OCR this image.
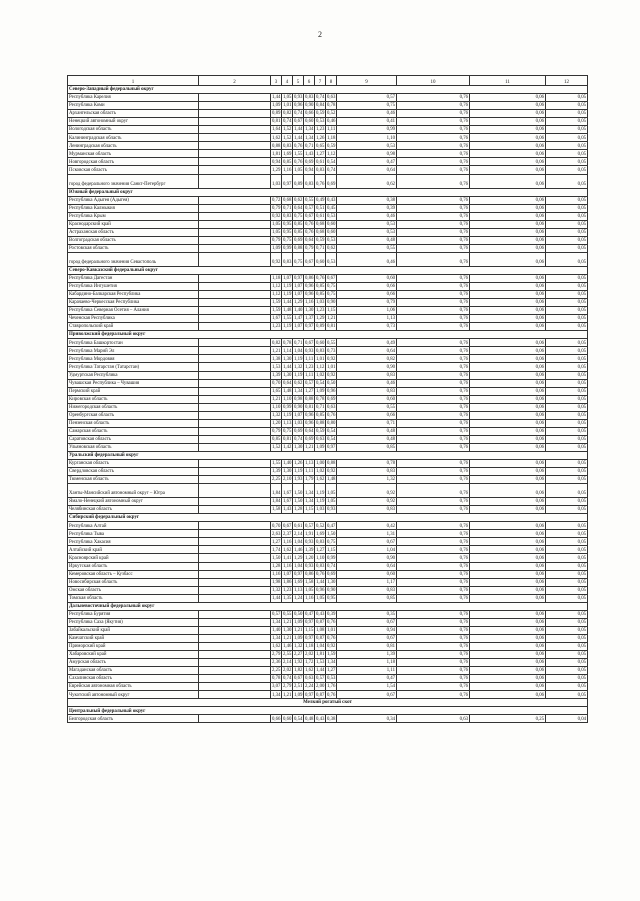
2
1	2	3	4	5	6	7	8	9	10	11	12	
Северо-Западный федеральный округ												
Республика Карелия		1,44	1,05	0,93	0,83	0,74	0,63	0,57	0,76	0,06	0,05	
Республика Коми		1,09	1,01	0,96	0,90	0,84	0,78	0,75	0,76	0,06	0,05	
Архангельская область		0,89	0,82	0,74	0,66	0,59	0,52	0,46	0,76	0,06	0,05	
Ненецкий автономный округ		0,81	0,74	0,67	0,60	0,53	0,46	0,41	0,76	0,06	0,05	
Вологодская область		1,64	1,52	1,44	1,34	1,23	1,11	0,99	0,76	0,06	0,05	
Калининградская область		1,62	1,52	1,44	1,34	1,26	1,18	1,10	0,76	0,06	0,05	
Ленинградская область		0,88	0,83	0,76	0,71	0,65	0,59	0,53	0,76	0,06	0,05	
Мурманская область		1,81	1,69	1,55	1,43	1,27	1,12	0,98	0,76	0,06	0,05	
Новгородская область		0,94	0,85	0,76	0,69	0,61	0,54	0,47	0,76	0,06	0,05	
Псковская область		1,29	1,16	1,05	0,94	0,83	0,74	0,64	0,76	0,06	0,05	
город федерального значения Санкт-Петербург		1,03	0,97	0,89	0,83	0,76	0,69	0,62	0,76	0,06	0,05	
Южный федеральный округ												
Республика Адыгея (Адыгея)		0,72	0,68	0,62	0,55	0,49	0,43	0,38	0,76	0,06	0,05	
Республика Калмыкия		0,79	0,71	0,64	0,57	0,51	0,45	0,39	0,76	0,06	0,05	
Республика Крым		0,92	0,83	0,75	0,67	0,61	0,53	0,46	0,76	0,06	0,05	
Краснодарский край		1,05	0,95	0,85	0,76	0,68	0,60	0,53	0,76	0,06	0,05	
Астраханская область		1,05	0,95	0,85	0,76	0,68	0,60	0,53	0,76	0,06	0,05	
Волгоградская область		0,79	0,75	0,69	0,64	0,59	0,53	0,48	0,76	0,06	0,05	
Ростовская область		1,09	0,99	0,88	0,79	0,71	0,62	0,55	0,76	0,06	0,05	
город федерального значения Севастополь		0,92	0,83	0,75	0,67	0,60	0,53	0,46	0,76	0,06	0,05	
Северо-Кавказский федеральный округ												
Республика Дагестан		1,18	1,07	0,97	0,86	0,76	0,67	0,60	0,76	0,06	0,05	
Республика Ингушетия		1,12	1,19	1,07	0,96	0,85	0,75	0,66	0,76	0,06	0,05	
Кабардино-Балкарская Республика		1,12	1,19	1,07	0,96	0,85	0,75	0,66	0,76	0,06	0,05	
Карачаево-Черкесская Республика		1,59	1,44	1,29	1,16	1,03	0,90	0,79	0,76	0,06	0,05	
Республика Северная Осетия – Алания		1,59	1,48	1,40	1,30	1,23	1,15	1,06	0,76	0,06	0,05	
Чеченская Республика		1,67	1,55	1,47	1,37	1,29	1,21	1,13	0,76	0,06	0,05	
Ставропольский край		1,23	1,19	1,07	0,97	0,89	0,81	0,73	0,76	0,06	0,05	
Приволжский федеральный округ												
Республика Башкортостан		0,82	0,78	0,71	0,67	0,60	0,55	0,49	0,76	0,06	0,05	
Республика Марий Эл		1,21	1,14	1,04	0,93	0,83	0,73	0,64	0,76	0,06	0,05	
Республика Мордовия		1,38	1,30	1,19	1,11	1,01	0,92	0,82	0,76	0,06	0,05	
Республика Татарстан (Татарстан)		1,53	1,44	1,32	1,23	1,12	1,01	0,90	0,76	0,06	0,05	
Удмуртская Республика		1,39	1,30	1,19	1,11	1,02	0,92	0,83	0,76	0,06	0,05	
Чувашская Республика – Чувашия		0,70	0,64	0,62	0,57	0,54	0,50	0,46	0,76	0,06	0,05	
Пермский край		1,65	1,48	1,34	1,27	1,09	0,96	0,83	0,76	0,06	0,05	
Кировская область		1,21	1,10	0,98	0,88	0,78	0,69	0,60	0,76	0,06	0,05	
Нижегородская область		1,10	0,99	0,90	0,81	0,71	0,63	0,55	0,76	0,06	0,05	
Оренбургская область		1,32	1,19	1,07	0,96	0,85	0,76	0,66	0,76	0,06	0,05	
Пензенская область		1,20	1,13	1,03	0,96	0,88	0,80	0,71	0,76	0,06	0,05	
Самарская область		0,79	0,75	0,69	0,64	0,59	0,54	0,48	0,76	0,06	0,05	
Саратовская область		0,85	0,81	0,74	0,69	0,63	0,54	0,48	0,76	0,06	0,05	
Ульяновская область		1,52	1,42	1,30	1,21	1,09	0,97	0,85	0,76	0,06	0,05	
Уральский федеральный округ												
Курганская область		1,55	1,40	1,26	1,13	1,00	0,88	0,78	0,76	0,06	0,05	
Свердловская область		1,39	1,30	1,19	1,11	1,02	0,92	0,83	0,76	0,06	0,05	
Тюменская область		2,25	2,10	1,93	1,79	1,62	1,48	1,32	0,76	0,06	0,05	
Ханты-Мансийский автономный округ – Югра		1,84	1,67	1,50	1,34	1,19	1,05	0,92	0,76	0,06	0,05	
Ямало-Ненецкий автономный округ		1,84	1,67	1,50	1,34	1,19	1,05	0,92	0,76	0,06	0,05	
Челябинская область		1,58	1,43	1,28	1,15	1,03	0,93	0,83	0,76	0,06	0,05	
Сибирский федеральный округ												
Республика Алтай		0,70	0,67	0,61	0,57	0,52	0,47	0,42	0,76	0,06	0,05	
Республика Тыва		2,63	2,37	2,14	1,91	1,69	1,50	1,31	0,76	0,06	0,05	
Республика Хакасия		1,27	1,16	1,04	0,93	0,83	0,75	0,67	0,76	0,06	0,05	
Алтайский край		1,74	1,62	1,46	1,39	1,27	1,15	1,04	0,76	0,06	0,05	
Красноярский край		1,50	1,41	1,29	1,20	1,10	0,99	0,90	0,76	0,06	0,05	
Иркутская область		1,28	1,16	1,04	0,93	0,83	0,74	0,64	0,76	0,06	0,05	
Кемеровская область – Кузбасс		1,16	1,07	0,97	0,86	0,76	0,69	0,60	0,76	0,06	0,05	
Новосибирская область		1,98	1,86	1,69	1,58	1,44	1,30	1,17	0,76	0,06	0,05	
Омская область		1,32	1,23	1,13	1,05	0,96	0,90	0,83	0,76	0,06	0,05	
Томская область		1,44	1,35	1,24	1,16	1,05	0,95	0,85	0,76	0,06	0,05	
Дальневосточный федеральный округ												
Республика Бурятия		0,57	0,55	0,50	0,47	0,43	0,39	0,35	0,76	0,06	0,05	
Республика Саха (Якутия)		1,34	1,21	1,09	0,97	0,87	0,76	0,67	0,76	0,06	0,05	
Забайкальский край		1,40	1,30	1,21	1,15	1,08	1,01	0,94	0,76	0,06	0,05	
Камчатский край		1,34	1,21	1,09	0,97	0,87	0,76	0,67	0,76	0,06	0,05	
Приморский край		1,62	1,46	1,32	1,18	1,04	0,92	0,81	0,76	0,06	0,05	
Хабаровский край		2,79	2,55	2,27	2,02	1,81	1,59	1,39	0,76	0,06	0,05	
Амурская область		2,36	2,14	1,92	1,72	1,53	1,34	1,18	0,76	0,06	0,05	
Магаданская область		2,25	2,02	1,82	1,62	1,44	1,27	1,11	0,76	0,06	0,05	
Сахалинская область		0,78	0,74	0,67	0,63	0,57	0,53	0,47	0,76	0,06	0,05	
Еврейская автономная область		3,07	2,79	2,51	2,24	2,00	1,76	1,54	0,76	0,06	0,05	
Чукотский автономный округ		1,34	1,21	1,09	0,97	0,87	0,76	0,67	0,76	0,06	0,05	
Мелкий рогатый скот												
Центральный федеральный округ												
Белгородская область		0,66	0,60	0,54	0,48	0,43	0,38	0,34	0,63	0,25	0,04	
